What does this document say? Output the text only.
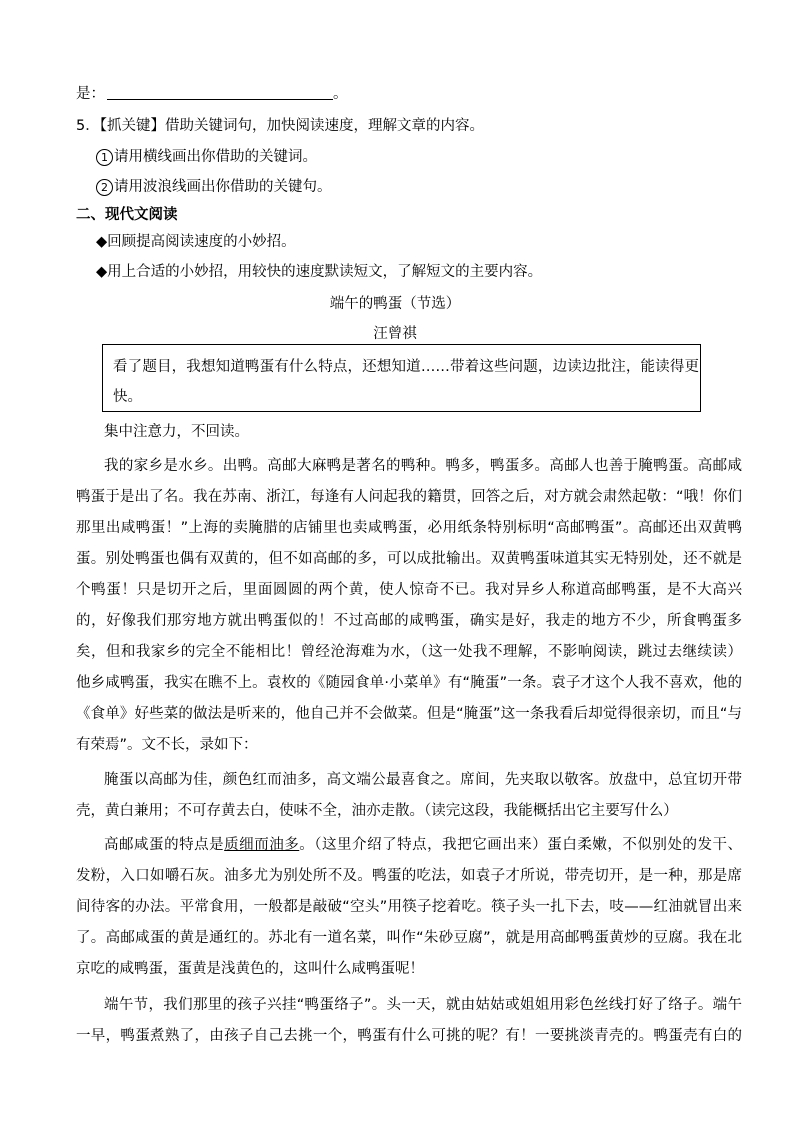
是：	。
5．【抓关键】借助关键词句，加快阅读速度，理解文章的内容。
1 请用横线画出你借助的关键词。
2 请用波浪线画出你借助的关键句。
二、现代文阅读
◆回顾提高阅读速度的小妙招。
◆用上合适的小妙招，用较快的速度默读短文，了解短文的主要内容。
端午的鸭蛋（节选）
汪曾祺
看了题目，我想知道鸭蛋有什么特点，还想知道……带着这些问题，边读边批注，能读得更
快。
集中注意力，不回读。
我的家乡是水乡。出鸭。高邮大麻鸭是著名的鸭种。鸭多，鸭蛋多。高邮人也善于腌鸭蛋。高邮咸
鸭蛋于是出了名。我在苏南、浙江，每逢有人问起我的籍贯，回答之后，对方就会肃然起敬：“哦！你们
那里出咸鸭蛋！”上海的卖腌腊的店铺里也卖咸鸭蛋，必用纸条特别标明“高邮鸭蛋”。高邮还出双黄鸭
蛋。别处鸭蛋也偶有双黄的，但不如高邮的多，可以成批输出。双黄鸭蛋味道其实无特别处，还不就是
个鸭蛋！只是切开之后，里面圆圆的两个黄，使人惊奇不已。我对异乡人称道高邮鸭蛋，是不大高兴
的，好像我们那穷地方就出鸭蛋似的！不过高邮的咸鸭蛋，确实是好，我走的地方不少，所食鸭蛋多
矣，但和我家乡的完全不能相比！曾经沧海难为水，（这一处我不理解，不影响阅读，跳过去继续读）
他乡咸鸭蛋，我实在瞧不上。袁枚的《随园食单·小菜单》有“腌蛋”一条。袁子才这个人我不喜欢，他的
《食单》好些菜的做法是听来的，他自己并不会做菜。但是“腌蛋”这一条我看后却觉得很亲切，而且“与
有荣焉”。文不长，录如下：
腌蛋以高邮为佳，颜色红而油多，高文端公最喜食之。席间，先夹取以敬客。放盘中，总宜切开带
壳，黄白兼用；不可存黄去白，使味不全，油亦走散。（读完这段，我能概括出它主要写什么）
高邮咸蛋的特点是质细而油多。（这里介绍了特点，我把它画出来）蛋白柔嫩，不似别处的发干、
发粉，入口如嚼石灰。油多尤为别处所不及。鸭蛋的吃法，如袁子才所说，带壳切开，是一种，那是席
间待客的办法。平常食用，一般都是敲破“空头”用筷子挖着吃。筷子头一扎下去，吱——红油就冒出来
了。高邮咸蛋的黄是通红的。苏北有一道名菜，叫作“朱砂豆腐”，就是用高邮鸭蛋黄炒的豆腐。我在北
京吃的咸鸭蛋，蛋黄是浅黄色的，这叫什么咸鸭蛋呢！
端午节，我们那里的孩子兴挂“鸭蛋络子”。头一天，就由姑姑或姐姐用彩色丝线打好了络子。端午
一早，鸭蛋煮熟了，由孩子自己去挑一个，鸭蛋有什么可挑的呢？有！一要挑淡青壳的。鸭蛋壳有白的
